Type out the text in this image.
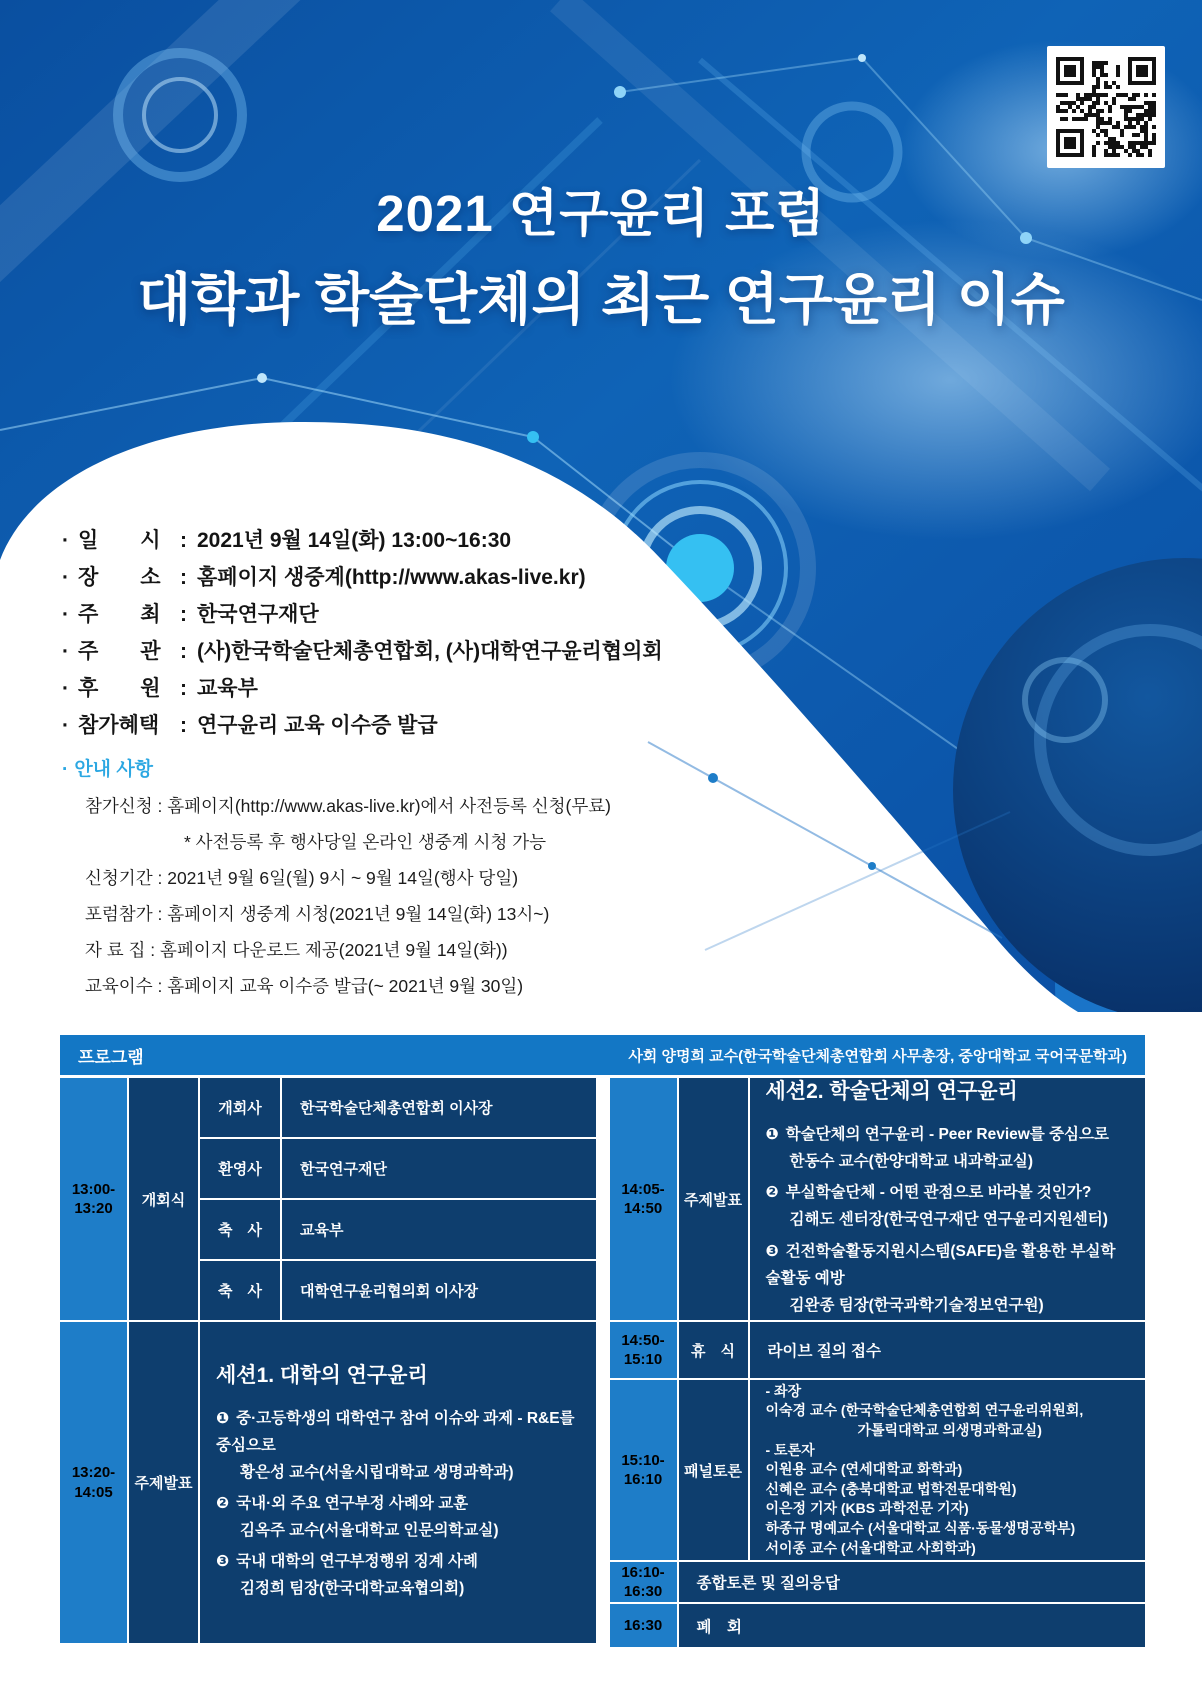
2021 연구윤리 포럼
대학과 학술단체의 최근 연구윤리 이슈
· 일　　시 : 2021년 9월 14일(화) 13:00~16:30
· 장　　소 : 홈페이지 생중계(http://www.akas-live.kr)
· 주　　최 : 한국연구재단
· 주　　관 : (사)한국학술단체총연합회, (사)대학연구윤리협의회
· 후　　원 : 교육부
· 참가혜택 : 연구윤리 교육 이수증 발급
· 안내 사항
참가신청 : 홈페이지(http://www.akas-live.kr)에서 사전등록 신청(무료)
* 사전등록 후 행사당일 온라인 생중계 시청 가능
신청기간 : 2021년 9월 6일(월) 9시 ~ 9월 14일(행사 당일)
포럼참가 : 홈페이지 생중계 시청(2021년 9월 14일(화) 13시~)
자 료 집 : 홈페이지 다운로드 제공(2021년 9월 14일(화))
교육이수 : 홈페이지 교육 이수증 발급(~ 2021년 9월 30일)
프로그램	사회 양명희 교수(한국학술단체총연합회 사무총장, 중앙대학교 국어국문학과)
13:00-
13:20	개회식
개회사	한국학술단체총연합회 이사장
환영사	한국연구재단
축　사	교육부
축　사	대학연구윤리협의회 이사장
13:20-
14:05	주제발표
세션1. 대학의 연구윤리
❶ 중·고등학생의 대학연구 참여 이슈와 과제 - R&E를 중심으로
황은성 교수(서울시립대학교 생명과학과)
❷ 국내·외 주요 연구부정 사례와 교훈
김옥주 교수(서울대학교 인문의학교실)
❸ 국내 대학의 연구부정행위 징계 사례
김정희 팀장(한국대학교육협의회)
14:05-
14:50	주제발표
세션2. 학술단체의 연구윤리
❶ 학술단체의 연구윤리 - Peer Review를 중심으로
한동수 교수(한양대학교 내과학교실)
❷ 부실학술단체 - 어떤 관점으로 바라볼 것인가?
김해도 센터장(한국연구재단 연구윤리지원센터)
❸ 건전학술활동지원시스템(SAFE)을 활용한 부실학술활동 예방
김완종 팀장(한국과학기술정보연구원)
14:50-
15:10	휴　식	라이브 질의 접수
15:10-
16:10	패널토론
- 좌장
이숙경 교수 (한국학술단체총연합회 연구윤리위원회,
가톨릭대학교 의생명과학교실)
- 토론자
이원용 교수 (연세대학교 화학과)
신혜은 교수 (충북대학교 법학전문대학원)
이은정 기자 (KBS 과학전문 기자)
하종규 명예교수 (서울대학교 식품·동물생명공학부)
서이종 교수 (서울대학교 사회학과)
16:10-
16:30	종합토론 및 질의응답
16:30	폐　회
